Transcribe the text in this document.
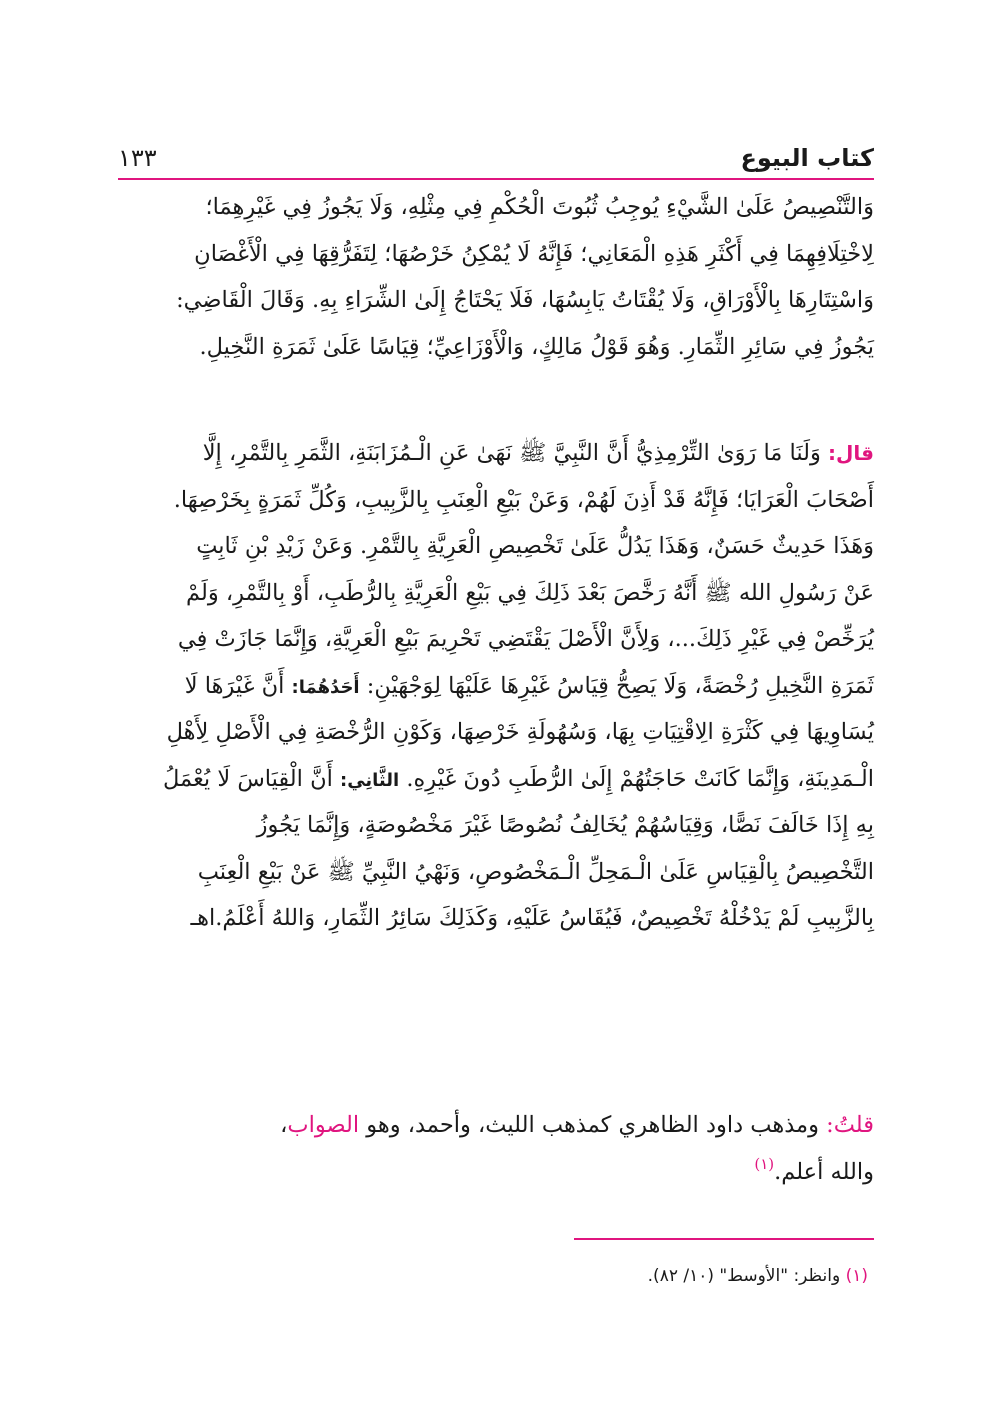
كتاب البيوع
١٣٣

وَالتَّنْصِيصُ عَلَىٰ الشَّيْءِ يُوجِبُ ثُبُوتَ الْحُكْمِ فِي مِثْلِهِ، وَلَا يَجُوزُ فِي غَيْرِهِمَا؛
لِاخْتِلَافِهِمَا فِي أَكْثَرِ هَذِهِ الْمَعَانِي؛ فَإِنَّهُ لَا يُمْكِنُ خَرْصُهَا؛ لِتَفَرُّقِهَا فِي الْأَغْصَانِ
وَاسْتِتَارِهَا بِالْأَوْرَاقِ، وَلَا يُقْتَاتُ يَابِسُهَا، فَلَا يَحْتَاجُ إِلَىٰ الشِّرَاءِ بِهِ. وَقَالَ الْقَاضِي:
يَجُوزُ فِي سَائِرِ الثِّمَارِ. وَهُوَ قَوْلُ مَالِكٍ، وَالْأَوْزَاعِيِّ؛ قِيَاسًا عَلَىٰ ثَمَرَةِ النَّخِيلِ.

قال: وَلَنَا مَا رَوَىٰ التِّرْمِذِيُّ أَنَّ النَّبِيَّ ﷺ نَهَىٰ عَنِ الْـمُزَابَنَةِ، الثَّمَرِ بِالتَّمْرِ، إِلَّا
أَصْحَابَ الْعَرَايَا؛ فَإِنَّهُ قَدْ أَذِنَ لَهُمْ، وَعَنْ بَيْعِ الْعِنَبِ بِالزَّبِيبِ، وَكُلِّ ثَمَرَةٍ بِخَرْصِهَا.
وَهَذَا حَدِيثٌ حَسَنٌ، وَهَذَا يَدُلُّ عَلَىٰ تَخْصِيصِ الْعَرِيَّةِ بِالتَّمْرِ. وَعَنْ زَيْدِ بْنِ ثَابِتٍ
عَنْ رَسُولِ الله ﷺ أَنَّهُ رَخَّصَ بَعْدَ ذَلِكَ فِي بَيْعِ الْعَرِيَّةِ بِالرُّطَبِ، أَوْ بِالتَّمْرِ، وَلَمْ
يُرَخِّصْ فِي غَيْرِ ذَلِكَ...، وَلِأَنَّ الْأَصْلَ يَقْتَضِي تَحْرِيمَ بَيْعِ الْعَرِيَّةِ، وَإِنَّمَا جَازَتْ فِي
ثَمَرَةِ النَّخِيلِ رُخْصَةً، وَلَا يَصِحُّ قِيَاسُ غَيْرِهَا عَلَيْهَا لِوَجْهَيْنِ: أَحَدُهُمَا: أَنَّ غَيْرَهَا لَا
يُسَاوِيهَا فِي كَثْرَةِ الِاقْتِيَاتِ بِهَا، وَسُهُولَةِ خَرْصِهَا، وَكَوْنِ الرُّخْصَةِ فِي الْأَصْلِ لِأَهْلِ
الْـمَدِينَةِ، وَإِنَّمَا كَانَتْ حَاجَتُهُمْ إِلَىٰ الرُّطَبِ دُونَ غَيْرِهِ. الثَّانِي: أَنَّ الْقِيَاسَ لَا يُعْمَلُ
بِهِ إِذَا خَالَفَ نَصًّا، وَقِيَاسُهُمْ يُخَالِفُ نُصُوصًا غَيْرَ مَخْصُوصَةٍ، وَإِنَّمَا يَجُوزُ
التَّخْصِيصُ بِالْقِيَاسِ عَلَىٰ الْـمَحِلِّ الْـمَخْصُوصِ، وَنَهْيُ النَّبِيِّ ﷺ عَنْ بَيْعِ الْعِنَبِ
بِالزَّبِيبِ لَمْ يَدْخُلْهُ تَخْصِيصٌ، فَيُقَاسُ عَلَيْهِ، وَكَذَلِكَ سَائِرُ الثِّمَارِ، وَاللهُ أَعْلَمُ.اهـ

قلتُ: ومذهب داود الظاهري كمذهب الليث، وأحمد، وهو الصواب،
والله أعلم.$^{(١)}$

(١) وانظر: "الأوسط" (١٠/ ٨٢).
